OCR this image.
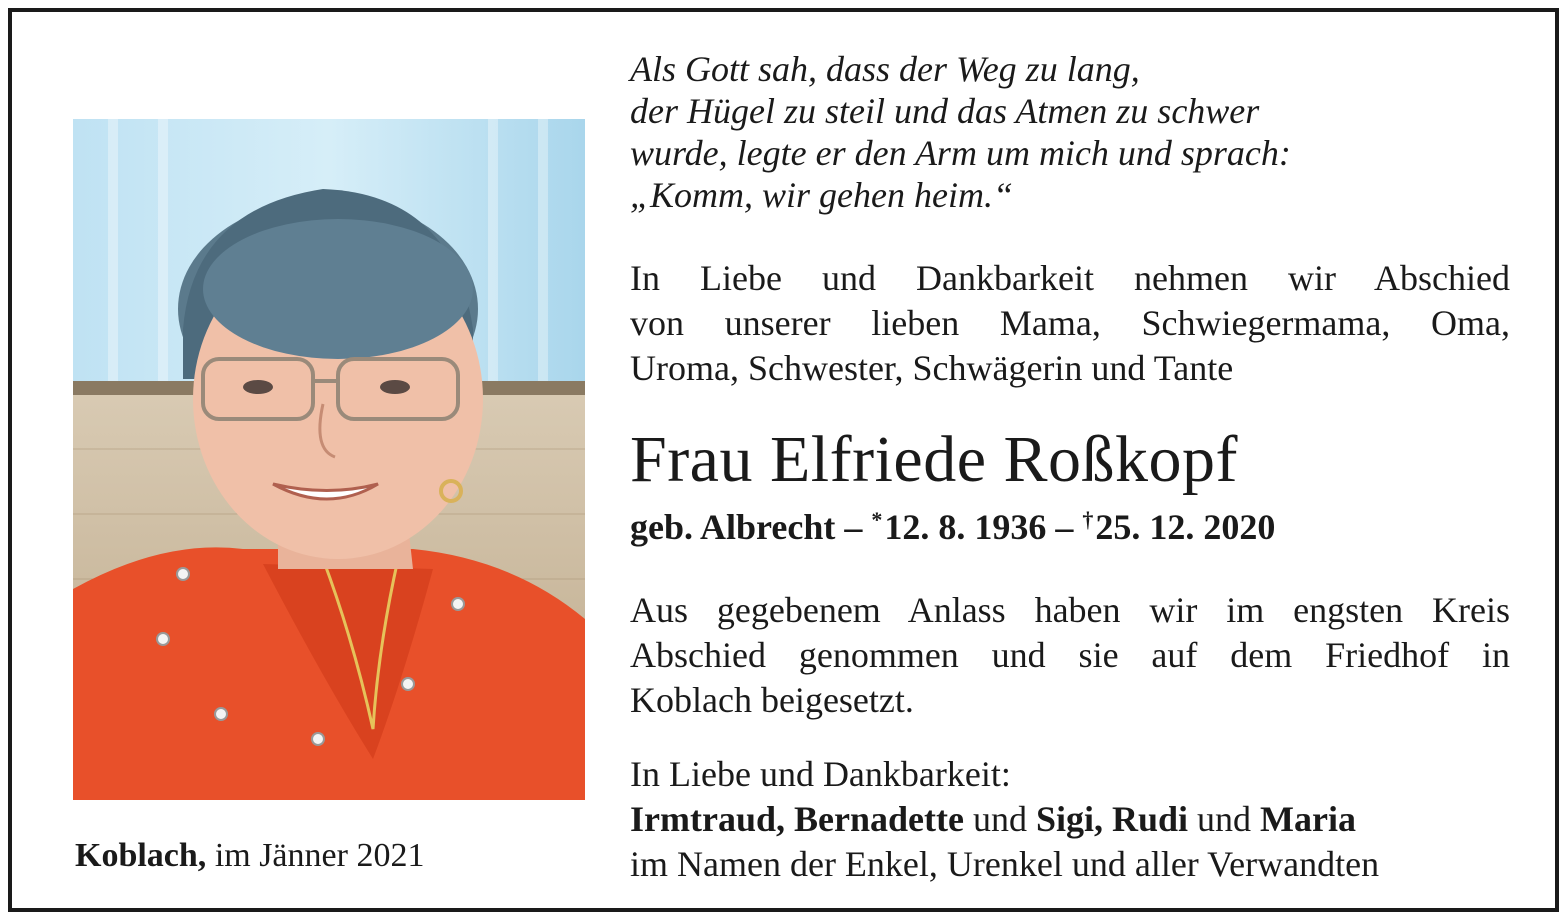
Koblach, im Jänner 2021
Als Gott sah, dass der Weg zu lang,
der Hügel zu steil und das Atmen zu schwer
wurde, legte er den Arm um mich und sprach:
„Komm, wir gehen heim.“
In Liebe und Dankbarkeit nehmen wir Abschied
von unserer lieben Mama, Schwiegermama, Oma,
Uroma, Schwester, Schwägerin und Tante
Frau Elfriede Roßkopf
geb. Albrecht – *12. 8. 1936 – †25. 12. 2020
Aus gegebenem Anlass haben wir im engsten Kreis
Abschied genommen und sie auf dem Friedhof in
Koblach beigesetzt.
In Liebe und Dankbarkeit:
Irmtraud, Bernadette und Sigi, Rudi und Maria
im Namen der Enkel, Urenkel und aller Verwandten
